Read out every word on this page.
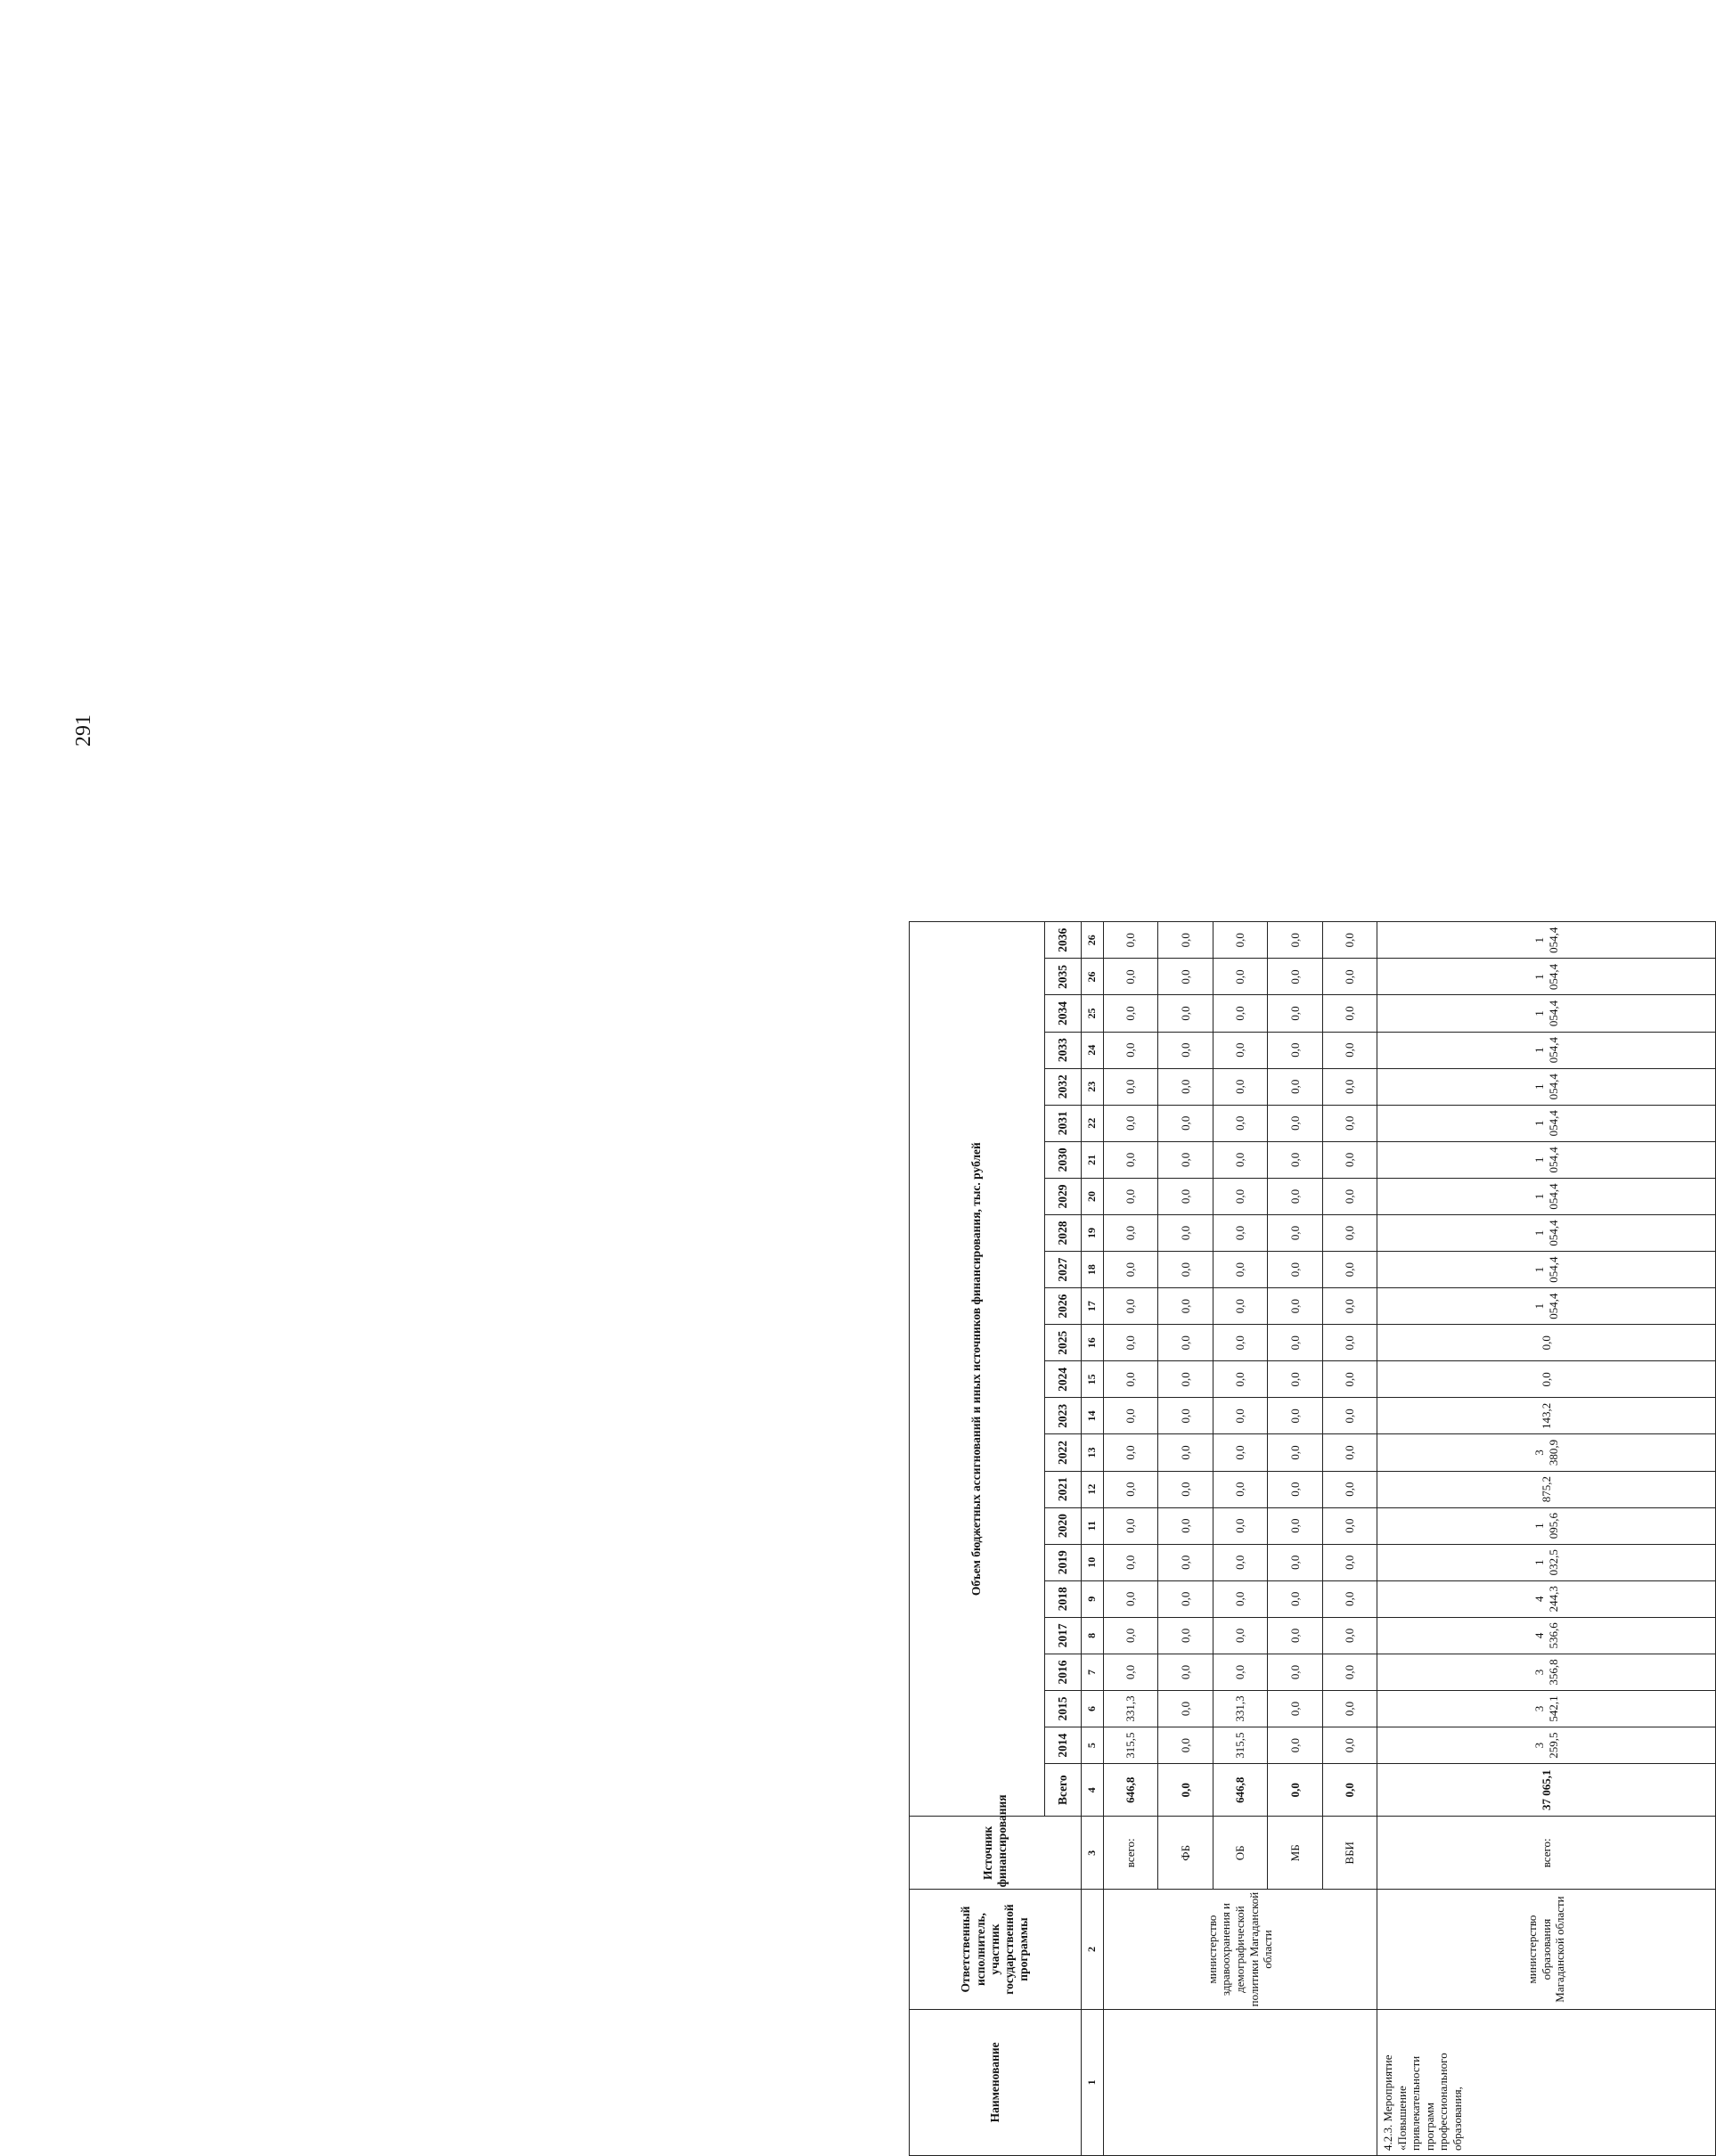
291
Наименование	Ответственный исполнитель, участник государственной программы	Источник финансирования	Объем бюджетных ассигнований и иных источников финансирования, тыс. рублей																							
			Всего	2014	2015	2016	2017	2018	2019	2020	2021	2022	2023	2024	2025	2026	2027	2028	2029	2030	2031	2032	2033	2034	2035	2036
1	2	3	4	5	6	7	8	9	10	11	12	13	14	15	16	17	18	19	20	21	22	23	24	25	26	26
	министерство здравоохранения и демографической политики Магаданской области	всего:	646,8	315,5	331,3	0,0	0,0	0,0	0,0	0,0	0,0	0,0	0,0	0,0	0,0	0,0	0,0	0,0	0,0	0,0	0,0	0,0	0,0	0,0	0,0	0,0
		ФБ	0,0	0,0	0,0	0,0	0,0	0,0	0,0	0,0	0,0	0,0	0,0	0,0	0,0	0,0	0,0	0,0	0,0	0,0	0,0	0,0	0,0	0,0	0,0	0,0
		ОБ	646,8	315,5	331,3	0,0	0,0	0,0	0,0	0,0	0,0	0,0	0,0	0,0	0,0	0,0	0,0	0,0	0,0	0,0	0,0	0,0	0,0	0,0	0,0	0,0
		МБ	0,0	0,0	0,0	0,0	0,0	0,0	0,0	0,0	0,0	0,0	0,0	0,0	0,0	0,0	0,0	0,0	0,0	0,0	0,0	0,0	0,0	0,0	0,0	0,0
		ВБИ	0,0	0,0	0,0	0,0	0,0	0,0	0,0	0,0	0,0	0,0	0,0	0,0	0,0	0,0	0,0	0,0	0,0	0,0	0,0	0,0	0,0	0,0	0,0	0,0
4.2.3. Мероприятие «Повышение привлекательности программ профессионального образования,	министерство образования Магаданской области	всего:	37 065,1	3 259,5	3 542,1	3 356,8	4 536,6	4 244,3	1 032,5	1 095,6	875,2	3 380,9	143,2	0,0	0,0	1 054,4	1 054,4	1 054,4	1 054,4	1 054,4	1 054,4	1 054,4	1 054,4	1 054,4	1 054,4	1 054,4
